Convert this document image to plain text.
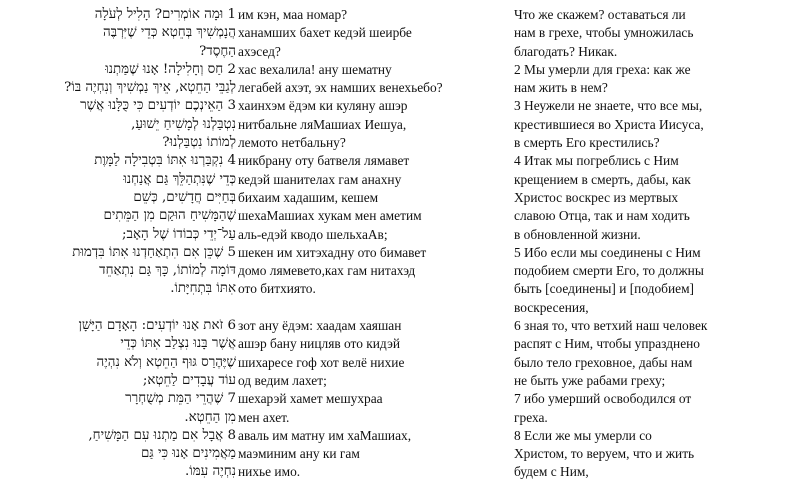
1 וּמָה אוֹמְרִים? הָלִיל לְעֹלָה
הֲנָמְשִׁיךְ בְּחֵטְא כְּדֵי שֶׁיִּרְבֶּה
הַחֶסֶד?
2 חַס וְחָלִילָה! אָנוּ שֶׁמַּתְנוּ
לְגַבֵּי הַחֵטְא, אֵיךְ נַמְשִׁיךְ וְנִחְיֶה בּוֹ?
3 הַאֵינְכֶם יוֹדְעִים כִּי כֻּלָּנוּ אֲשֶׁר
נִטְבַּלְנוּ לְמָשִׁיחַ יֵשׁוּעַ,
לְמוֹתוֹ נִטְבַּלְנוּ?
4 נִקְבַּרְנוּ אִתּוֹ בִּטְבִילָה לַמָּוֶת
כְּדֵי שֶׁנִּתְהַלֵּךְ גַּם אֲנַחְנוּ
בְּחַיִּים חֲדָשִׁים, כְּשֵׁם
שֶׁהַמָּשִׁיחַ הוּקַם מִן הַמֵּתִים
עַל־יְדֵי כְּבוֹדוֹ שֶׁל הָאָב;
5 שֶׁכֵּן אִם הִתְאַחַדְנוּ אִתּוֹ בִּדְמוּת
דּוֹמָה לְמוֹתוֹ, כָּךְ גַּם נִתְאַחֵד
אִתּוֹ בִּתְחִיָּתוֹ.
6 זֹאת אָנוּ יוֹדְעִים: הָאָדָם הַיָּשָׁן
אֲשֶׁר בָּנוּ נִצְלַב אִתּוֹ כְּדֵי
שֶׁיֶּהֶרַס גּוּף הַחֵטְא וְלֹא נִהְיֶה
עוֹד עֲבָדִים לַחֵטְא;
7 שֶׁהֲרֵי הַמֵּת מְשֻׁחְרָר
מִן הַחֵטְא.
8 אֲבָל אִם מַתְנוּ עִם הַמָּשִׁיחַ,
מַאֲמִינִים אָנוּ כִּי גַּם
נִחְיֶה עִמּוֹ.
им кэн, маа номар?
ханамших бахет кедэй шеирбе
ахэсед?
хас вехалила! ану шематну
легабей ахэт, эх намших венехьебо?
хаинхэм ёдэм ки куляну ашэр
нитбальне ляМашиах Иешуа,
лемото нетбальну?
никбрану оту батвеля лямавет
кедэй шанителах гам анахну
бихаим хадашим, кешем
шехаМашиах хукам мен аметим
аль-едэй кводо шельхаАв;
шекен им хитэхадну ото бимавет
домо лямевето,ках гам нитахэд
ото битхиято.
зот ану ёдэм: хаадам хаяшан
ашэр бану ницляв ото кидэй
шихаресе гоф хот велё нихие
од ведим лахет;
шехарэй хамет мешухраа
мен ахет.
аваль им матну им хаМашиах,
маэминим ану ки гам
нихье имо.
Что же скажем? оставаться ли
нам в грехе, чтобы умножилась
благодать? Никак.
2 Мы умерли для греха: как же
нам жить в нем?
3 Неужели не знаете, что все мы,
крестившиеся во Христа Иисуса,
в смерть Его крестились?
4 Итак мы погреблись с Ним
крещением в смерть, дабы, как
Христос воскрес из мертвых
славою Отца, так и нам ходить
в обновленной жизни.
5 Ибо если мы соединены с Ним
подобием смерти Его, то должны
быть [соединены] и [подобием]
воскресения,
6 зная то, что ветхий наш человек
распят с Ним, чтобы упразднено
было тело греховное, дабы нам
не быть уже рабами греху;
7 ибо умерший освободился от
греха.
8 Если же мы умерли со
Христом, то веруем, что и жить
будем с Ним,
